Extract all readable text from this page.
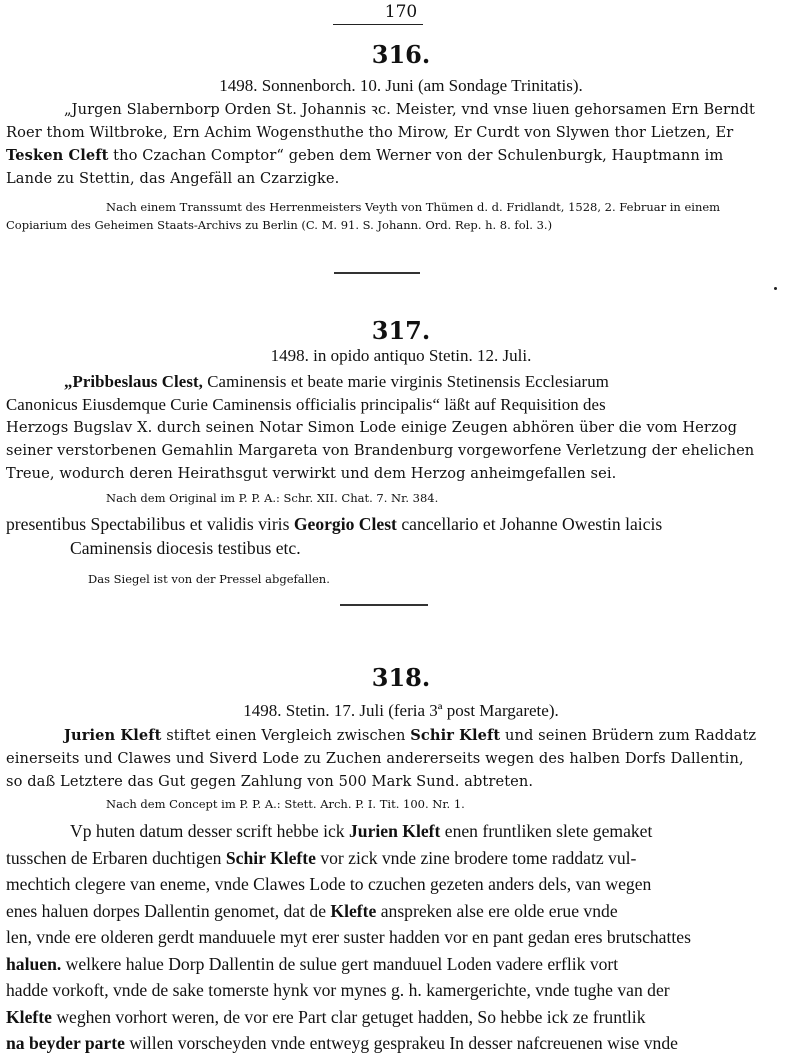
170
316.
1498. Sonnenborch. 10. Juni (am Sondage Trinitatis).
„Jurgen Slabernborp Orden St. Johannis ꝛc. Meister, vnd vnse liuen gehorsamen Ern Berndt
Roer thom Wiltbroke, Ern Achim Wogensthuthe tho Mirow, Er Curdt von Slywen thor Lietzen, Er
Tesken Cleft tho Czachan Comptor“ geben dem Werner von der Schulenburgk, Hauptmann im
Lande zu Stettin, das Angefäll an Czarzigke.
Nach einem Transsumt des Herrenmeisters Veyth von Thümen d. d. Fridlandt, 1528, 2. Februar in einem
Copiarium des Geheimen Staats-Archivs zu Berlin (C. M. 91. S. Johann. Ord. Rep. h. 8. fol. 3.)
317.
1498. in opido antiquo Stetin. 12. Juli.
„Pribbeslaus Clest, Caminensis et beate marie virginis Stetinensis Ecclesiarum
Canonicus Eiusdemque Curie Caminensis officialis principalis“ läßt auf Requisition des
Herzogs Bugslav X. durch seinen Notar Simon Lode einige Zeugen abhören über die vom Herzog
seiner verstorbenen Gemahlin Margareta von Brandenburg vorgeworfene Verletzung der ehelichen
Treue, wodurch deren Heirathsgut verwirkt und dem Herzog anheimgefallen sei.
Nach dem Original im P. P. A.: Schr. XII. Chat. 7. Nr. 384.
presentibus Spectabilibus et validis viris Georgio Clest cancellario et Johanne Owestin laicis
Caminensis diocesis testibus etc.
Das Siegel ist von der Pressel abgefallen.
318.
1498. Stetin. 17. Juli (feria 3ª post Margarete).
Jurien Kleft stiftet einen Vergleich zwischen Schir Kleft und seinen Brüdern zum Raddatz
einerseits und Clawes und Siverd Lode zu Zuchen andererseits wegen des halben Dorfs Dallentin,
so daß Letztere das Gut gegen Zahlung von 500 Mark Sund. abtreten.
Nach dem Concept im P. P. A.: Stett. Arch. P. I. Tit. 100. Nr. 1.
Vp huten datum desser scrift hebbe ick Jurien Kleft enen fruntliken slete gemaket
tusschen de Erbaren duchtigen Schir Klefte vor zick vnde zine brodere tome raddatz vul-
mechtich clegere van eneme, vnde Clawes Lode to czuchen gezeten anders dels, van wegen
enes haluen dorpes Dallentin genomet, dat de Klefte anspreken alse ere olde erue vnde
len, vnde ere olderen gerdt manduuele myt erer suster hadden vor en pant gedan eres brutschattes
haluen. welkere halue Dorp Dallentin de sulue gert manduuel Loden vadere erflik vort
hadde vorkoft, vnde de sake tomerste hynk vor mynes g. h. kamergerichte, vnde tughe van der
Klefte weghen vorhort weren, de vor ere Part clar getuget hadden, So hebbe ick ze fruntlik
na beyder parte willen vorscheyden vnde entweyg gesprakeu In desser nafcreuenen wise vnde
